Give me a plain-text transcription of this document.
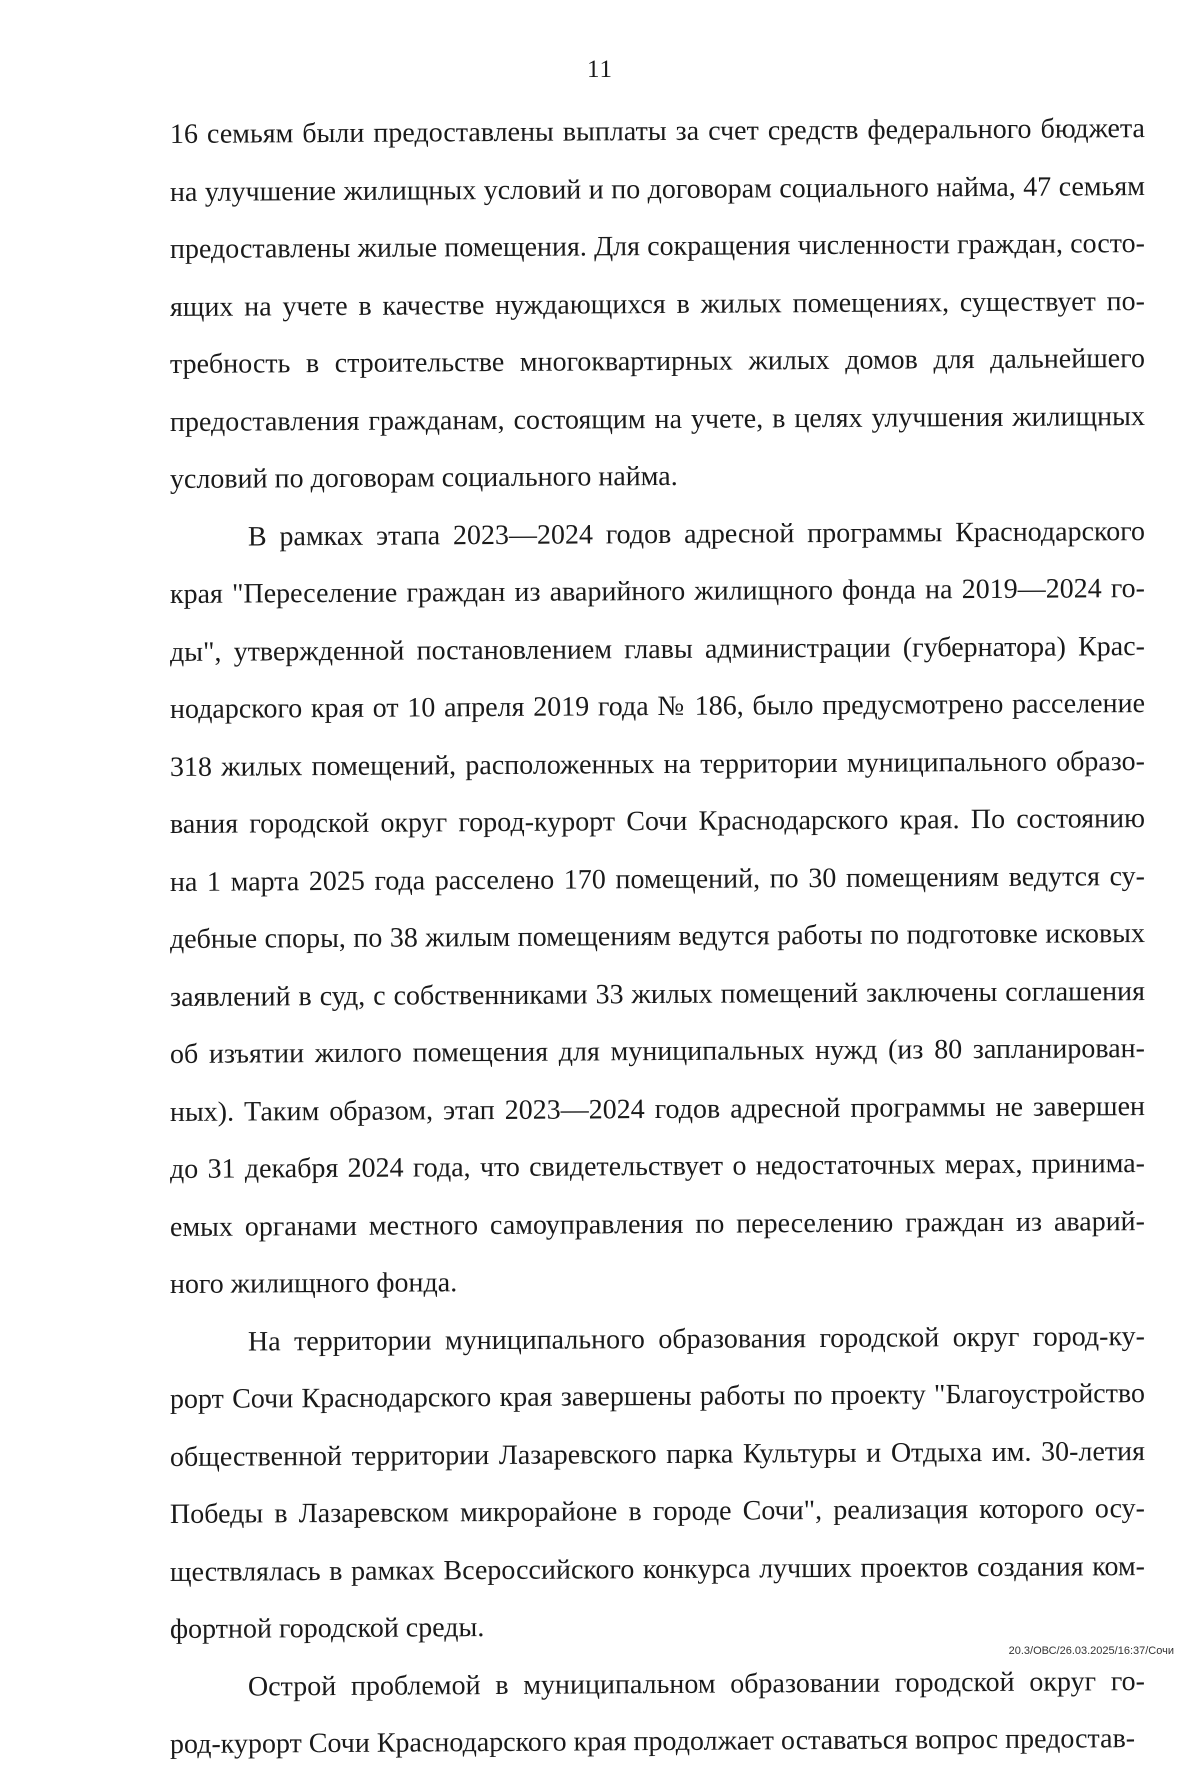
11
16 семьям были предоставлены выплаты за счет средств федерального бюджета
на улучшение жилищных условий и по договорам социального найма, 47 семьям
предоставлены жилые помещения. Для сокращения численности граждан, состо-
ящих на учете в качестве нуждающихся в жилых помещениях, существует по-
требность в строительстве многоквартирных жилых домов для дальнейшего
предоставления гражданам, состоящим на учете, в целях улучшения жилищных
условий по договорам социального найма.
В рамках этапа 2023—2024 годов адресной программы Краснодарского
края "Переселение граждан из аварийного жилищного фонда на 2019—2024 го-
ды", утвержденной постановлением главы администрации (губернатора) Крас-
нодарского края от 10 апреля 2019 года № 186, было предусмотрено расселение
318 жилых помещений, расположенных на территории муниципального образо-
вания городской округ город-курорт Сочи Краснодарского края. По состоянию
на 1 марта 2025 года расселено 170 помещений, по 30 помещениям ведутся су-
дебные споры, по 38 жилым помещениям ведутся работы по подготовке исковых
заявлений в суд, с собственниками 33 жилых помещений заключены соглашения
об изъятии жилого помещения для муниципальных нужд (из 80 запланирован-
ных). Таким образом, этап 2023—2024 годов адресной программы не завершен
до 31 декабря 2024 года, что свидетельствует о недостаточных мерах, принима-
емых органами местного самоуправления по переселению граждан из аварий-
ного жилищного фонда.
На территории муниципального образования городской округ город-ку-
рорт Сочи Краснодарского края завершены работы по проекту "Благоустройство
общественной территории Лазаревского парка Культуры и Отдыха им. 30-летия
Победы в Лазаревском микрорайоне в городе Сочи", реализация которого осу-
ществлялась в рамках Всероссийского конкурса лучших проектов создания ком-
фортной городской среды.
Острой проблемой в муниципальном образовании городской округ го-
род-курорт Сочи Краснодарского края продолжает оставаться вопрос предостав-
20.3/ОВС/26.03.2025/16:37/Сочи
